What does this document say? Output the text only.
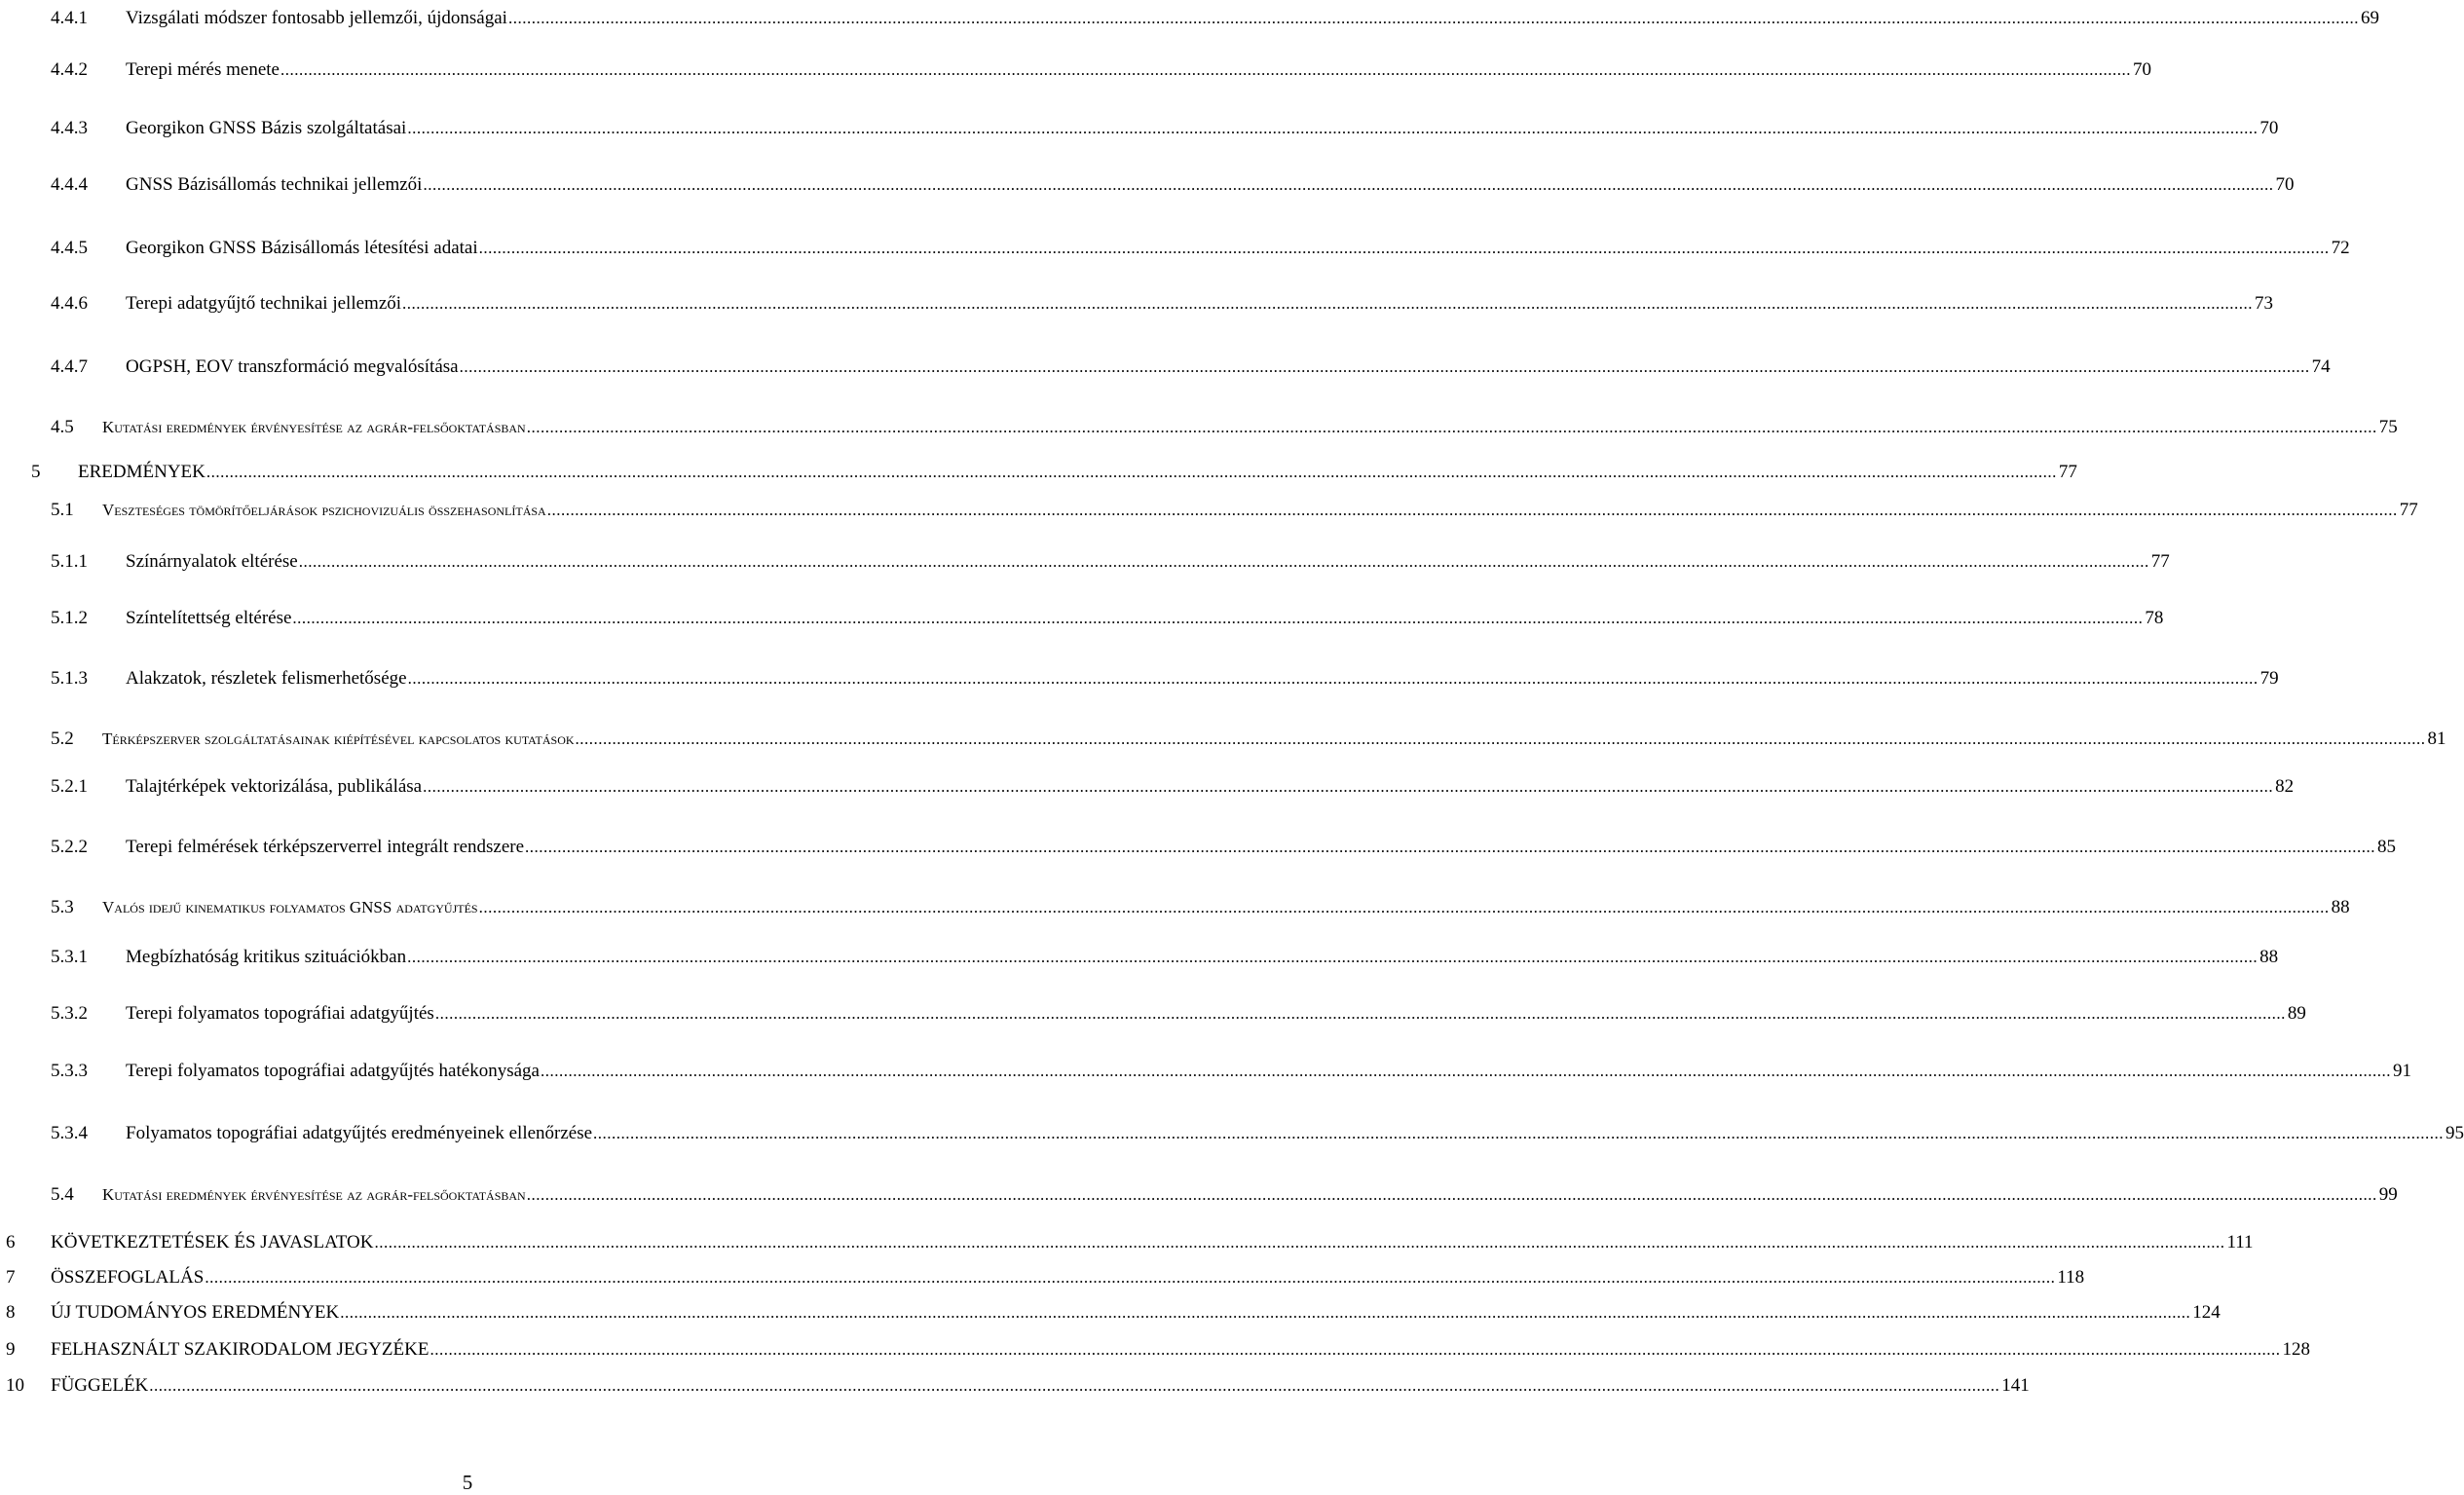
4.4.1	Vizsgálati módszer fontosabb jellemzői, újdonságai ................................................................................................................................................................................................................................................................................................................................................................................................................ 69
4.4.2	Terepi mérés menete ................................................................................................................................................................................................................................................................................................................................................................................................................ 70
4.4.3	Georgikon GNSS Bázis szolgáltatásai ................................................................................................................................................................................................................................................................................................................................................................................................................ 70
4.4.4	GNSS Bázisállomás technikai jellemzői ................................................................................................................................................................................................................................................................................................................................................................................................................ 70
4.4.5	Georgikon GNSS Bázisállomás létesítési adatai ................................................................................................................................................................................................................................................................................................................................................................................................................ 72
4.4.6	Terepi adatgyűjtő technikai jellemzői ................................................................................................................................................................................................................................................................................................................................................................................................................ 73
4.4.7	OGPSH, EOV transzformáció megvalósítása ................................................................................................................................................................................................................................................................................................................................................................................................................ 74
4.5	Kutatási eredmények érvényesítése az agrár-felsőoktatásban ................................................................................................................................................................................................................................................................................................................................................................................................................ 75
5	EREDMÉNYEK ................................................................................................................................................................................................................................................................................................................................................................................................................ 77
5.1	Veszteséges tömörítőeljárások pszichovizuális összehasonlítása ................................................................................................................................................................................................................................................................................................................................................................................................................ 77
5.1.1	Színárnyalatok eltérése ................................................................................................................................................................................................................................................................................................................................................................................................................ 77
5.1.2	Színtelítettség eltérése ................................................................................................................................................................................................................................................................................................................................................................................................................ 78
5.1.3	Alakzatok, részletek felismerhetősége ................................................................................................................................................................................................................................................................................................................................................................................................................ 79
5.2	Térképszerver szolgáltatásainak kiépítésével kapcsolatos kutatások ................................................................................................................................................................................................................................................................................................................................................................................................................ 81
5.2.1	Talajtérképek vektorizálása, publikálása ................................................................................................................................................................................................................................................................................................................................................................................................................ 82
5.2.2	Terepi felmérések térképszerverrel integrált rendszere ................................................................................................................................................................................................................................................................................................................................................................................................................ 85
5.3	Valós idejű kinematikus folyamatos GNSS adatgyűjtés ................................................................................................................................................................................................................................................................................................................................................................................................................ 88
5.3.1	Megbízhatóság kritikus szituációkban ................................................................................................................................................................................................................................................................................................................................................................................................................ 88
5.3.2	Terepi folyamatos topográfiai adatgyűjtés ................................................................................................................................................................................................................................................................................................................................................................................................................ 89
5.3.3	Terepi folyamatos topográfiai adatgyűjtés hatékonysága ................................................................................................................................................................................................................................................................................................................................................................................................................ 91
5.3.4	Folyamatos topográfiai adatgyűjtés eredményeinek ellenőrzése ................................................................................................................................................................................................................................................................................................................................................................................................................ 95
5.4	Kutatási eredmények érvényesítése az agrár-felsőoktatásban ................................................................................................................................................................................................................................................................................................................................................................................................................ 99
6	KÖVETKEZTETÉSEK ÉS JAVASLATOK ................................................................................................................................................................................................................................................................................................................................................................................................................ 111
7	ÖSSZEFOGLALÁS ................................................................................................................................................................................................................................................................................................................................................................................................................ 118
8	ÚJ TUDOMÁNYOS EREDMÉNYEK ................................................................................................................................................................................................................................................................................................................................................................................................................ 124
9	FELHASZNÁLT SZAKIRODALOM JEGYZÉKE ................................................................................................................................................................................................................................................................................................................................................................................................................ 128
10	FÜGGELÉK ................................................................................................................................................................................................................................................................................................................................................................................................................ 141
5
